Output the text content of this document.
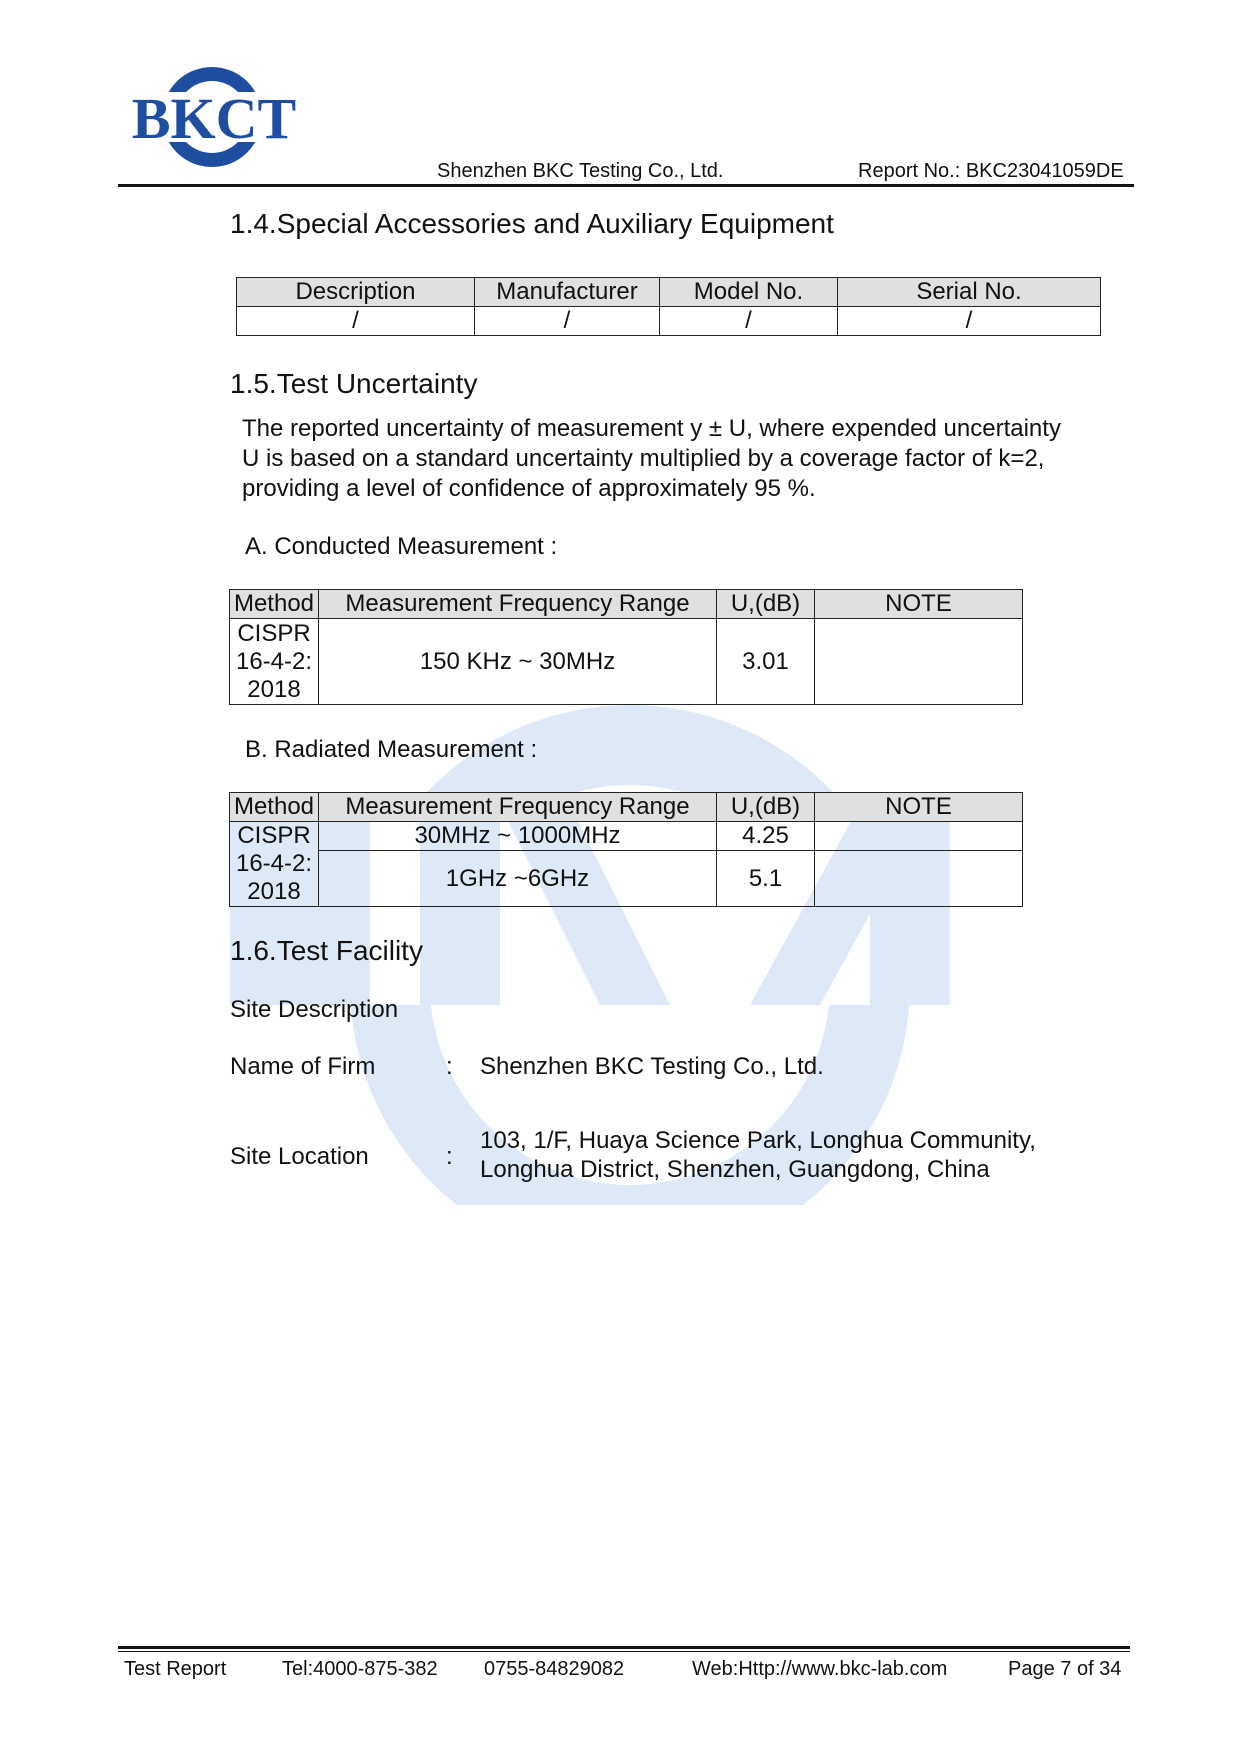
BKCT
Shenzhen BKC Testing Co., Ltd.	Report No.: BKC23041059DE
1.4.Special Accessories and Auxiliary Equipment
Description	Manufacturer	Model No.	Serial No.
/	/	/	/
1.5.Test Uncertainty
The reported uncertainty of measurement y ± U, where expended uncertainty
U is based on a standard uncertainty multiplied by a coverage factor of k=2,
providing a level of confidence of approximately 95 %.
A. Conducted Measurement :
Method	Measurement Frequency Range	U,(dB)	NOTE

CISPR
16-4-2:
2018	150 KHz ~ 30MHz	3.01	
B. Radiated Measurement :
Method	Measurement Frequency Range	U,(dB)	NOTE

CISPR
16-4-2:
2018	30MHz ~ 1000MHz	4.25	
	1GHz ~6GHz	5.1	
1.6.Test Facility
Site Description
Name of Firm	: Shenzhen BKC Testing Co., Ltd.
Site Location	:
103, 1/F, Huaya Science Park, Longhua Community,
Longhua District, Shenzhen, Guangdong, China
Test Report	Tel:4000-875-382 0755-84829082	Web:Http://www.bkc-lab.com	Page 7 of 34
